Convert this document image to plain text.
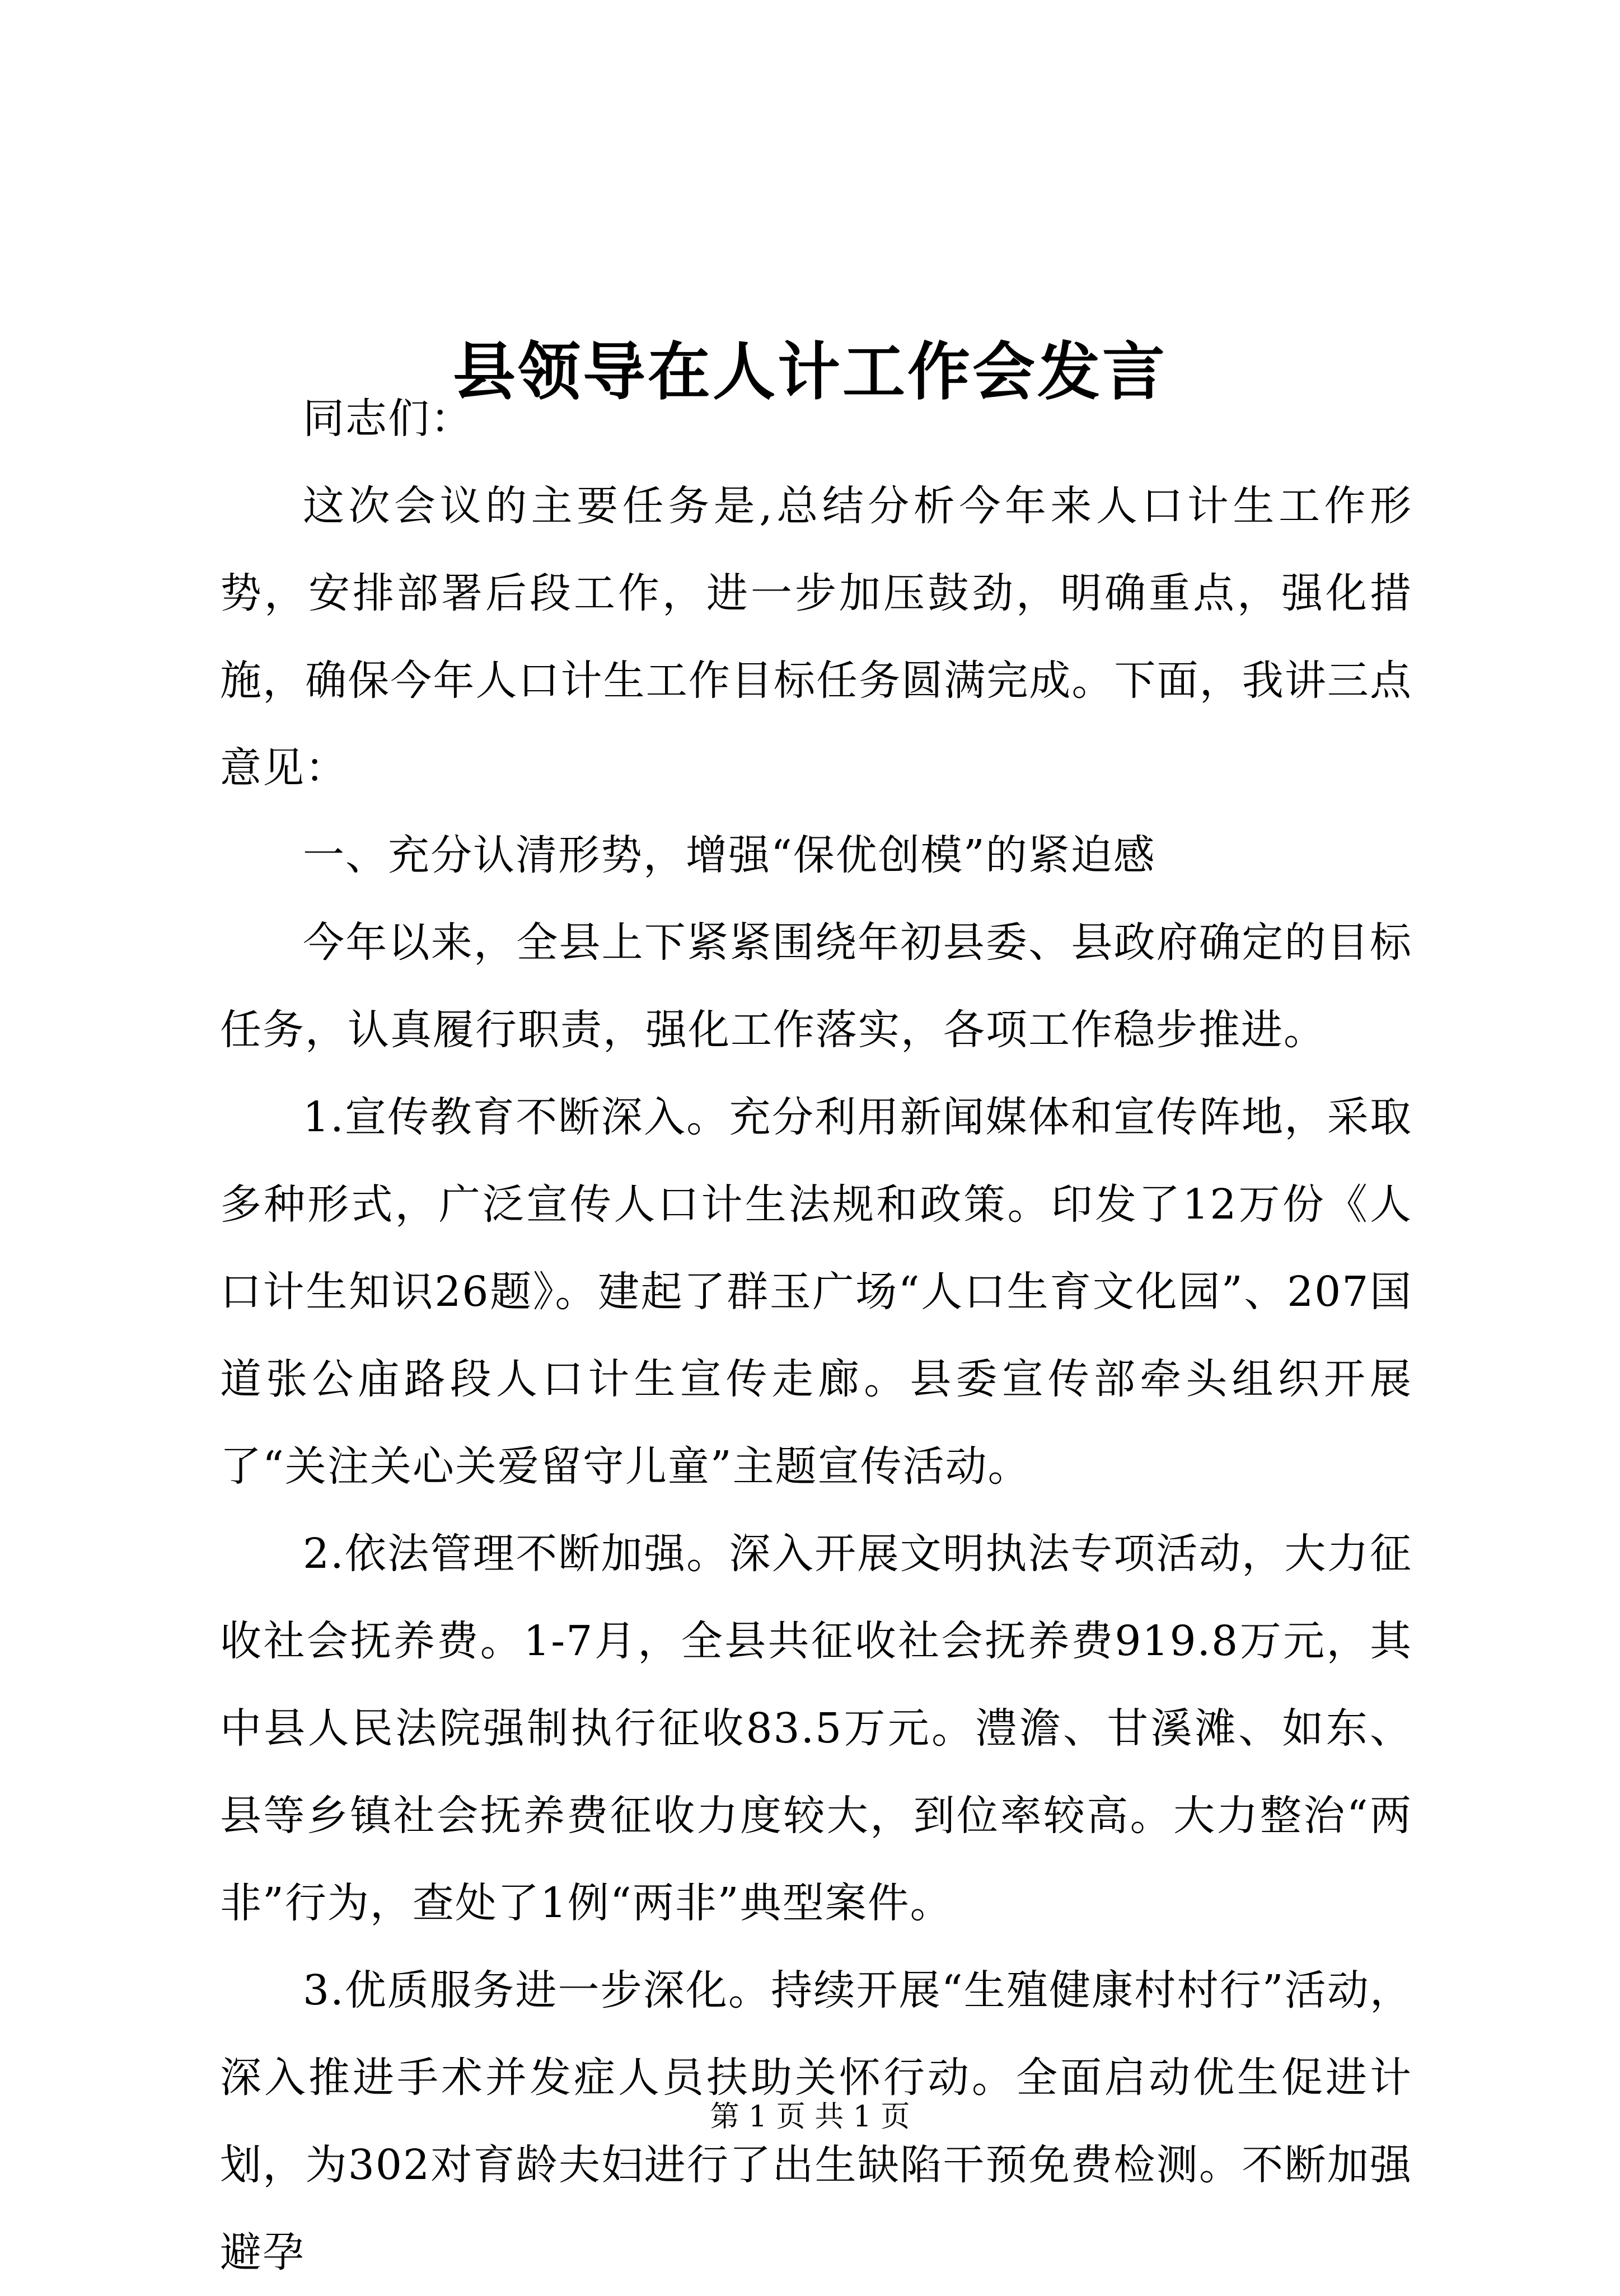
县领导在人计工作会发言

同志们：

这次会议的主要任务是,总结分析今年来人口计生工作形势，安排部署后段工作，进一步加压鼓劲，明确重点，强化措施，确保今年人口计生工作目标任务圆满完成。下面，我讲三点意见：

一、充分认清形势，增强“保优创模”的紧迫感

今年以来，全县上下紧紧围绕年初县委、县政府确定的目标任务，认真履行职责，强化工作落实，各项工作稳步推进。

1.宣传教育不断深入。充分利用新闻媒体和宣传阵地，采取多种形式，广泛宣传人口计生法规和政策。印发了12万份《人口计生知识26题》。建起了群玉广场“人口生育文化园”、207国道张公庙路段人口计生宣传走廊。县委宣传部牵头组织开展了“关注关心关爱留守儿童”主题宣传活动。

2.依法管理不断加强。深入开展文明执法专项活动，大力征收社会抚养费。1-7月，全县共征收社会抚养费919.8万元，其中县人民法院强制执行征收83.5万元。澧澹、甘溪滩、如东、县等乡镇社会抚养费征收力度较大，到位率较高。大力整治“两非”行为，查处了1例“两非”典型案件。

3.优质服务进一步深化。持续开展“生殖健康村村行”活动，深入推进手术并发症人员扶助关怀行动。全面启动优生促进计划，为302对育龄夫妇进行了出生缺陷干预免费检测。不断加强避孕

第 1 页 共 1 页
